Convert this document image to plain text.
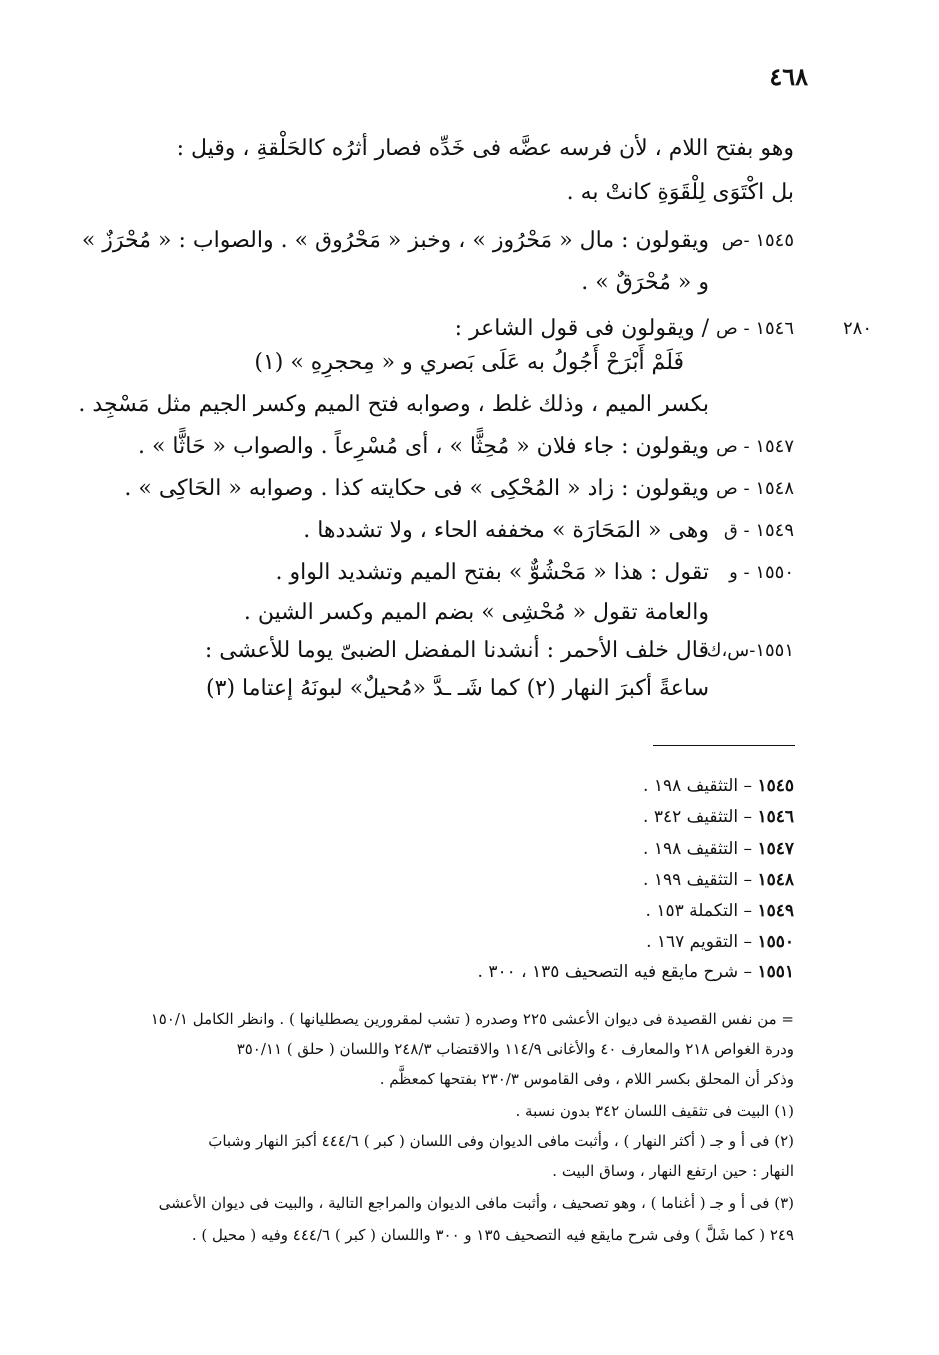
٤٦٨
وهو بفتح اللام ، لأن فرسه عضَّه فى خَدِّه فصار أثرُه كالحَلْقةِ ، وقيل :
بل اكْتَوَى لِلْقَوَةِ كانتْ به .
١٥٤٥ -ص
ويقولون : مال « مَحْرُوز » ، وخبز « مَحْرُوق » . والصواب : « مُحْرَزٌ »
و « مُحْرَقٌ » .
٢٨٠
١٥٤٦ - ص
/ ويقولون فى قول الشاعر :
فَلَمْ أَبْرَحْ أَجُولُ به عَلَى بَصري و « مِحجرِهِ » (١)
بكسر الميم ، وذلك غلط ، وصوابه فتح الميم وكسر الجيم مثل مَسْجِد .
١٥٤٧ - ص
ويقولون : جاء فلان « مُحِثًّا » ، أى مُسْرِعاً . والصواب « حَاثًّا » .
١٥٤٨ - ص
ويقولون : زاد « المُحْكِى » فى حكايته كذا . وصوابه « الحَاكِى » .
١٥٤٩ - ق
وهى « المَحَارَة » مخففه الحاء ، ولا تشددها .
١٥٥٠ - و
تقول : هذا « مَحْشُوٌّ » بفتح الميم وتشديد الواو .
والعامة تقول « مُحْشِى » بضم الميم وكسر الشين .
١٥٥١-س،ك
قال خلف الأحمر : أنشدنا المفضل الضبىّ يوما للأعشى :
ساعةً أكبرَ النهار (٢) كما شَـ ـدَّ «مُحيلٌ» لبونَهُ إعتاما (٣)
١٥٤٥ – التثقيف ١٩٨ .
١٥٤٦ – التثقيف ٣٤٢ .
١٥٤٧ – التثقيف ١٩٨ .
١٥٤٨ – التثقيف ١٩٩ .
١٥٤٩ – التكملة ١٥٣ .
١٥٥٠ – التقويم ١٦٧ .
١٥٥١ – شرح مايقع فيه التصحيف ١٣٥ ، ٣٠٠ .
= من نفس القصيدة فى ديوان الأعشى ٢٢٥ وصدره ( تشب لمقرورين يصطليانها ) . وانظر الكامل ١٥٠/١
ودرة الغواص ٢١٨ والمعارف ٤٠ والأغانى ١١٤/٩ والاقتضاب ٢٤٨/٣ واللسان ( حلق ) ٣٥٠/١١
وذكر أن المحلق بكسر اللام ، وفى القاموس ٢٣٠/٣ بفتحها كمعظَّم .
(١) البيت فى تثقيف اللسان ٣٤٢ بدون نسبة .
(٢) فى أ و جـ ( أكثر النهار ) ، وأثبت مافى الديوان وفى اللسان ( كبر ) ٤٤٤/٦ أكبرَ النهار وشبابَ
النهار : حين ارتفع النهار ، وساق البيت .
(٣) فى أ و جـ ( أغناما ) ، وهو تصحيف ، وأثبت مافى الديوان والمراجع التالية ، والبيت فى ديوان الأعشى
٢٤٩ ( كما شَلَّ ) وفى شرح مايقع فيه التصحيف ١٣٥ و ٣٠٠ واللسان ( كبر ) ٤٤٤/٦ وفيه ( محيل ) .
